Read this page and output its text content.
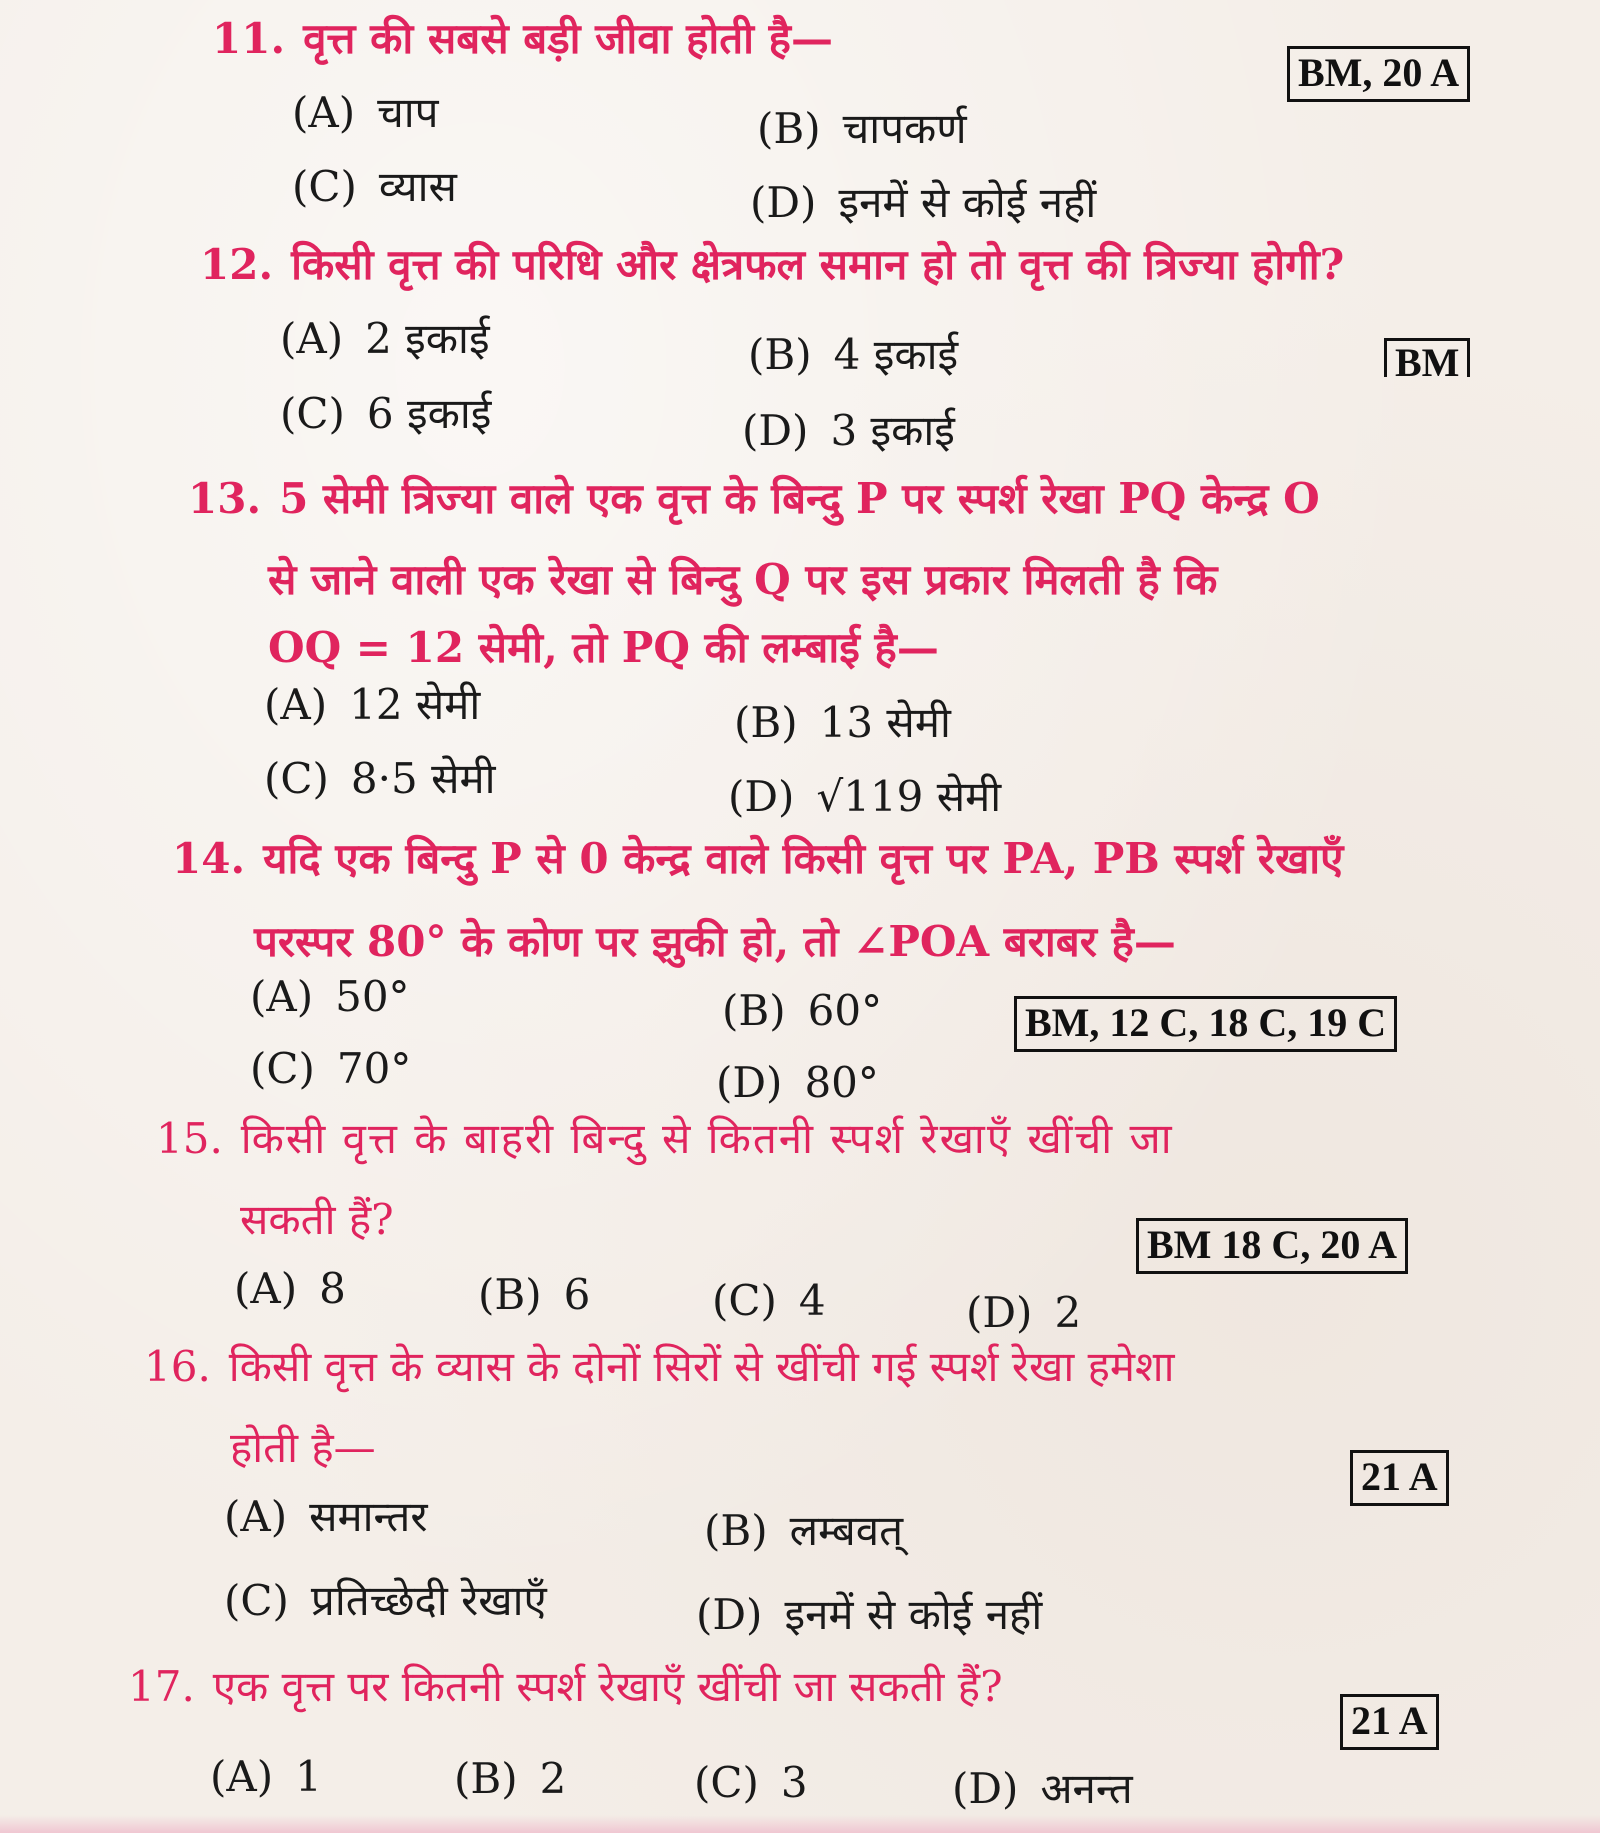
11. वृत्त की सबसे बड़ी जीवा होती है—
BM, 20 A
(A) चाप	(B) चापकर्ण
(C) व्यास	(D) इनमें से कोई नहीं
12. किसी वृत्त की परिधि और क्षेत्रफल समान हो तो वृत्त की त्रिज्या होगी?
BM
(A) 2 इकाई	(B) 4 इकाई
(C) 6 इकाई	(D) 3 इकाई
13. 5 सेमी त्रिज्या वाले एक वृत्त के बिन्दु P पर स्पर्श रेखा PQ केन्द्र O
से जाने वाली एक रेखा से बिन्दु Q पर इस प्रकार मिलती है कि
OQ = 12 सेमी, तो PQ की लम्बाई है—
(A) 12 सेमी	(B) 13 सेमी
(C) 8·5 सेमी	(D) √119 सेमी
14. यदि एक बिन्दु P से 0 केन्द्र वाले किसी वृत्त पर PA, PB स्पर्श रेखाएँ
परस्पर 80° के कोण पर झुकी हो, तो ∠POA बराबर है—
BM, 12 C, 18 C, 19 C
(A) 50°	(B) 60°
(C) 70°	(D) 80°
15. किसी वृत्त के बाहरी बिन्दु से कितनी स्पर्श रेखाएँ खींची जा
सकती हैं?
BM 18 C, 20 A
(A) 8	(B) 6	(C) 4	(D) 2
16. किसी वृत्त के व्यास के दोनों सिरों से खींची गई स्पर्श रेखा हमेशा
होती है—
21 A
(A) समान्तर	(B) लम्बवत्
(C) प्रतिच्छेदी रेखाएँ	(D) इनमें से कोई नहीं
17. एक वृत्त पर कितनी स्पर्श रेखाएँ खींची जा सकती हैं?
21 A
(A) 1	(B) 2	(C) 3	(D) अनन्त
